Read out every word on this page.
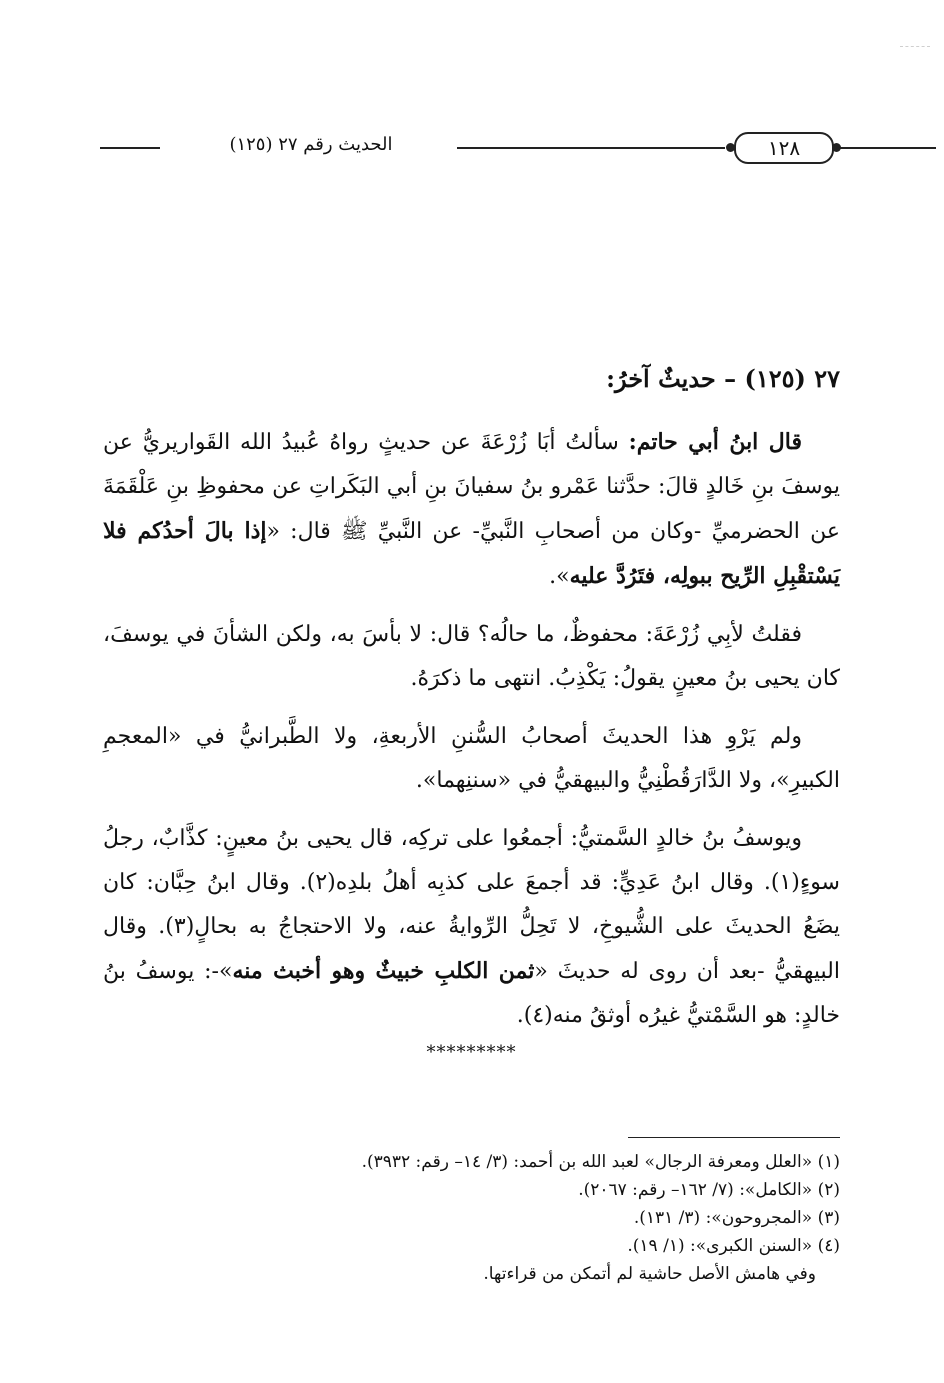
الحديث رقم ٢٧ (١٢٥)	١٢٨
٢٧ (١٢٥) – حديثٌ آخرُ:

قال ابنُ أبي حاتم: سألتُ أبَا زُرْعَةَ عن حديثٍ رواهُ عُبيدُ الله القَواريريُّ عن يوسفَ بنِ خَالدٍ قالَ: حدَّثنا عَمْرو بنُ سفيانَ بنِ أبي البَكَراتِ عن محفوظِ بنِ عَلْقَمَةَ عن الحضرميِّ -وكان من أصحابِ النَّبيِّ- عن النَّبيِّ ﷺ قال: «إذا بالَ أحدُكم فلا يَسْتقْبِلِ الرِّيح ببولِه، فتَرُدَّ عليه».

فقلتُ لأبِي زُرْعَةَ: محفوظٌ، ما حالُه؟ قال: لا بأسَ به، ولكن الشأنَ في يوسفَ، كان يحيى بنُ معينٍ يقولُ: يَكْذِبُ. انتهى ما ذكرَهُ.

ولم يَرْوِ هذا الحديثَ أصحابُ السُّننِ الأربعةِ، ولا الطَّبرانيُّ في «المعجمِ الكبيرِ»، ولا الدَّارَقُطْنِيُّ والبيهقيُّ في «سننِهما».

ويوسفُ بنُ خالدٍ السَّمتيُّ: أجمعُوا على تركِه، قال يحيى بنُ معينٍ: كذَّابٌ، رجلُ سوءٍ(١). وقال ابنُ عَدِيٍّ: قد أجمعَ على كذبِه أهلُ بلدِه(٢). وقال ابنُ حِبَّان: كان يضَعُ الحديثَ على الشُّيوخِ، لا تَحِلُّ الرِّوايةُ عنه، ولا الاحتجاجُ به بحالٍ(٣). وقال البيهقيُّ -بعد أن روى له حديثَ «ثمن الكلبِ خبيثٌ وهو أخبث منه»-: يوسفُ بنُ خالدٍ: هو السَّمْتيُّ غيرُه أوثقُ منه(٤).

*********
(١) «العلل ومعرفة الرجال» لعبد الله بن أحمد: (٣/ ١٤– رقم: ٣٩٣٢).
(٢) «الكامل»: (٧/ ١٦٢– رقم: ٢٠٦٧).
(٣) «المجروحون»: (٣/ ١٣١).
(٤) «السنن الكبرى»: (١/ ١٩).
وفي هامش الأصل حاشية لم أتمكن من قراءتها.
